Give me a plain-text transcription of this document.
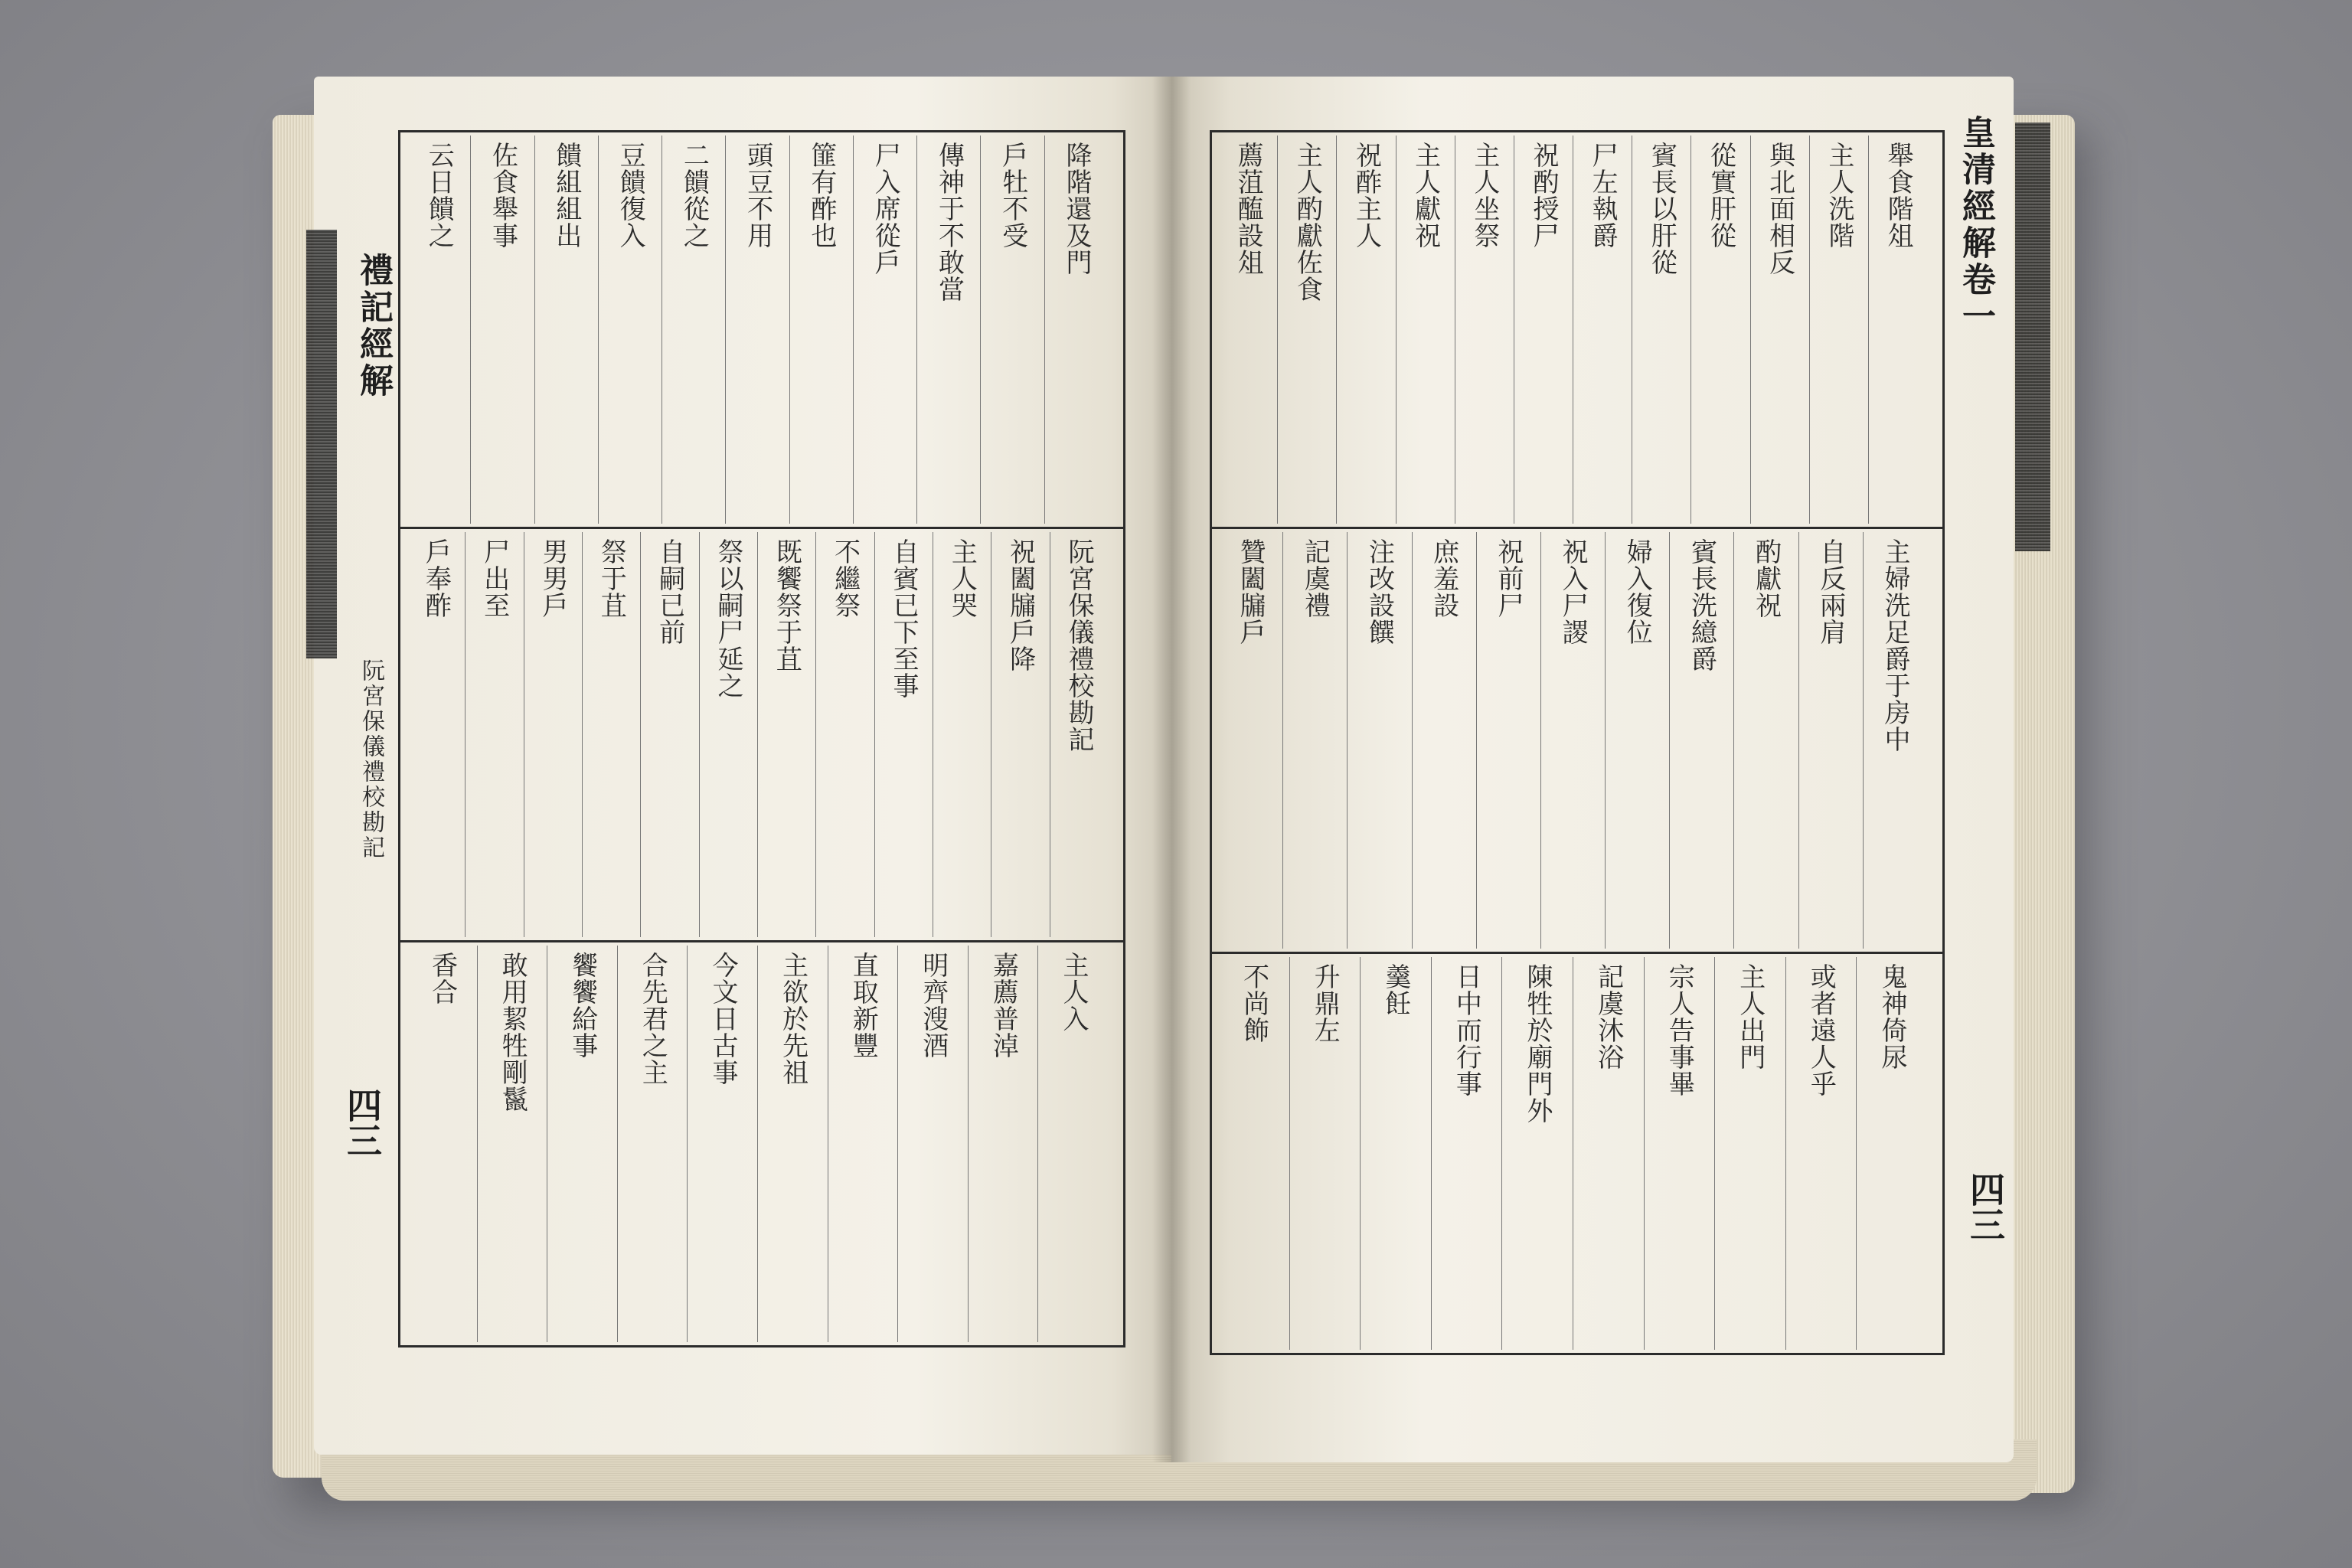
禮記經解
阮宮保儀禮校勘記
四三
皇清經解卷一
四三
降階還及門
戶牡不受
傳神于不敢當
尸入席從戶
篚有酢也
頭豆不用
二饋從之
豆饋復入
饋組組出
佐食舉事
云日饋之
阮宮保儀禮校勘記
祝闔牖戶降
主人哭
自賓已下至事
不繼祭
既饗祭于苴
祭以嗣尸延之
自嗣已前
祭于苴
男男戶
尸出至
戶奉酢
主人入
嘉薦普淖
明齊溲酒
直取新豐
主欲於先祖
今文日古事
合先君之主
饗饗給事
敢用絜牲剛鬣
香合
舉食階俎
主人洗階
與北面相反
從實肝從
賓長以肝從
尸左執爵
祝酌授尸
主人坐祭
主人獻祝
祝酢主人
主人酌獻佐食
薦菹醢設俎
主婦洗足爵于房中
自反兩肩
酌獻祝
賓長洗繶爵
婦入復位
祝入尸謖
祝前尸
庶羞設
注改設饌
記虞禮
贊闔牖戶
鬼神倚尿
或者遠人乎
主人出門
宗人告事畢
記虞沐浴
陳牲於廟門外
日中而行事
羹飪
升鼎左
不尚飾
